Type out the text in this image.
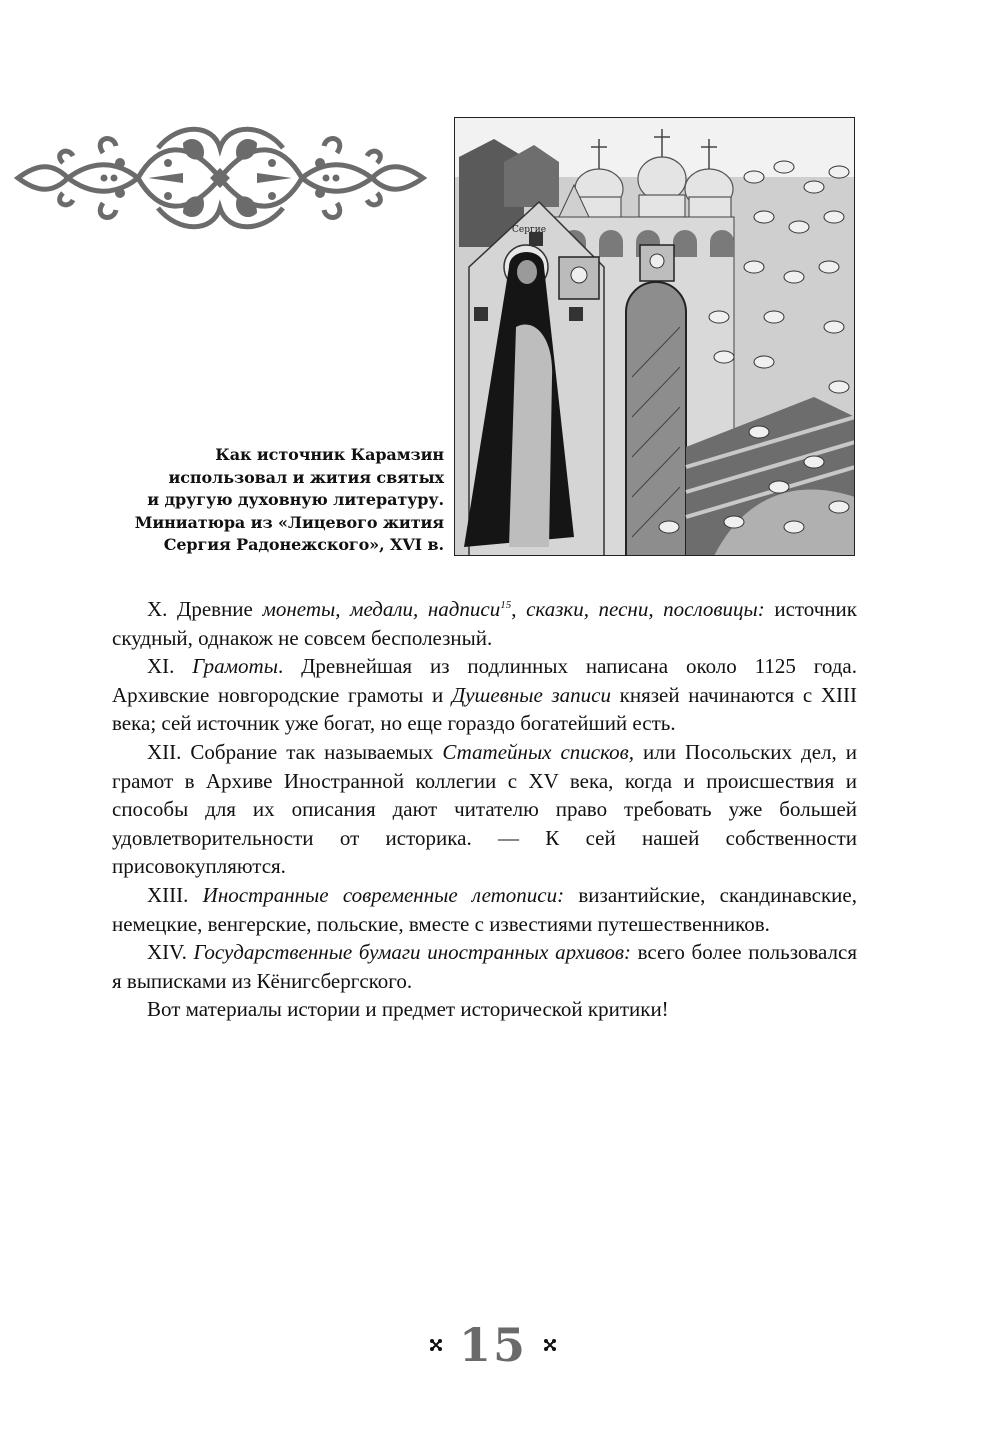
Сергие
Как источник Карамзин
использовал и жития святых
и другую духовную литературу.
Миниатюра из «Лицевого жития
Сергия Радонежского», XVI в.

X. Древние монеты, медали, надписи$^{15}$, сказки, песни, пословицы: источник скудный, однакож не совсем бесполезный.

XI. Грамоты. Древнейшая из подлинных написана около 1125 года. Архивские новгородские грамоты и Душевные записи князей начинаются с XIII века; сей источник уже богат, но еще гораздо богатейший есть.

XII. Собрание так называемых Статейных списков, или Посольских дел, и грамот в Архиве Иностранной коллегии с XV века, когда и происшествия и способы для их описания дают читателю право требовать уже большей удовлетворительности от историка. — К сей нашей собственности присовокупляются.

XIII. Иностранные современные летописи: византийские, скандинавские, немецкие, венгерские, польские, вместе с известиями путешественников.

XIV. Государственные бумаги иностранных архивов: всего более пользовался я выписками из Кёнигсбергского.

Вот материалы истории и предмет исторической критики!

15
